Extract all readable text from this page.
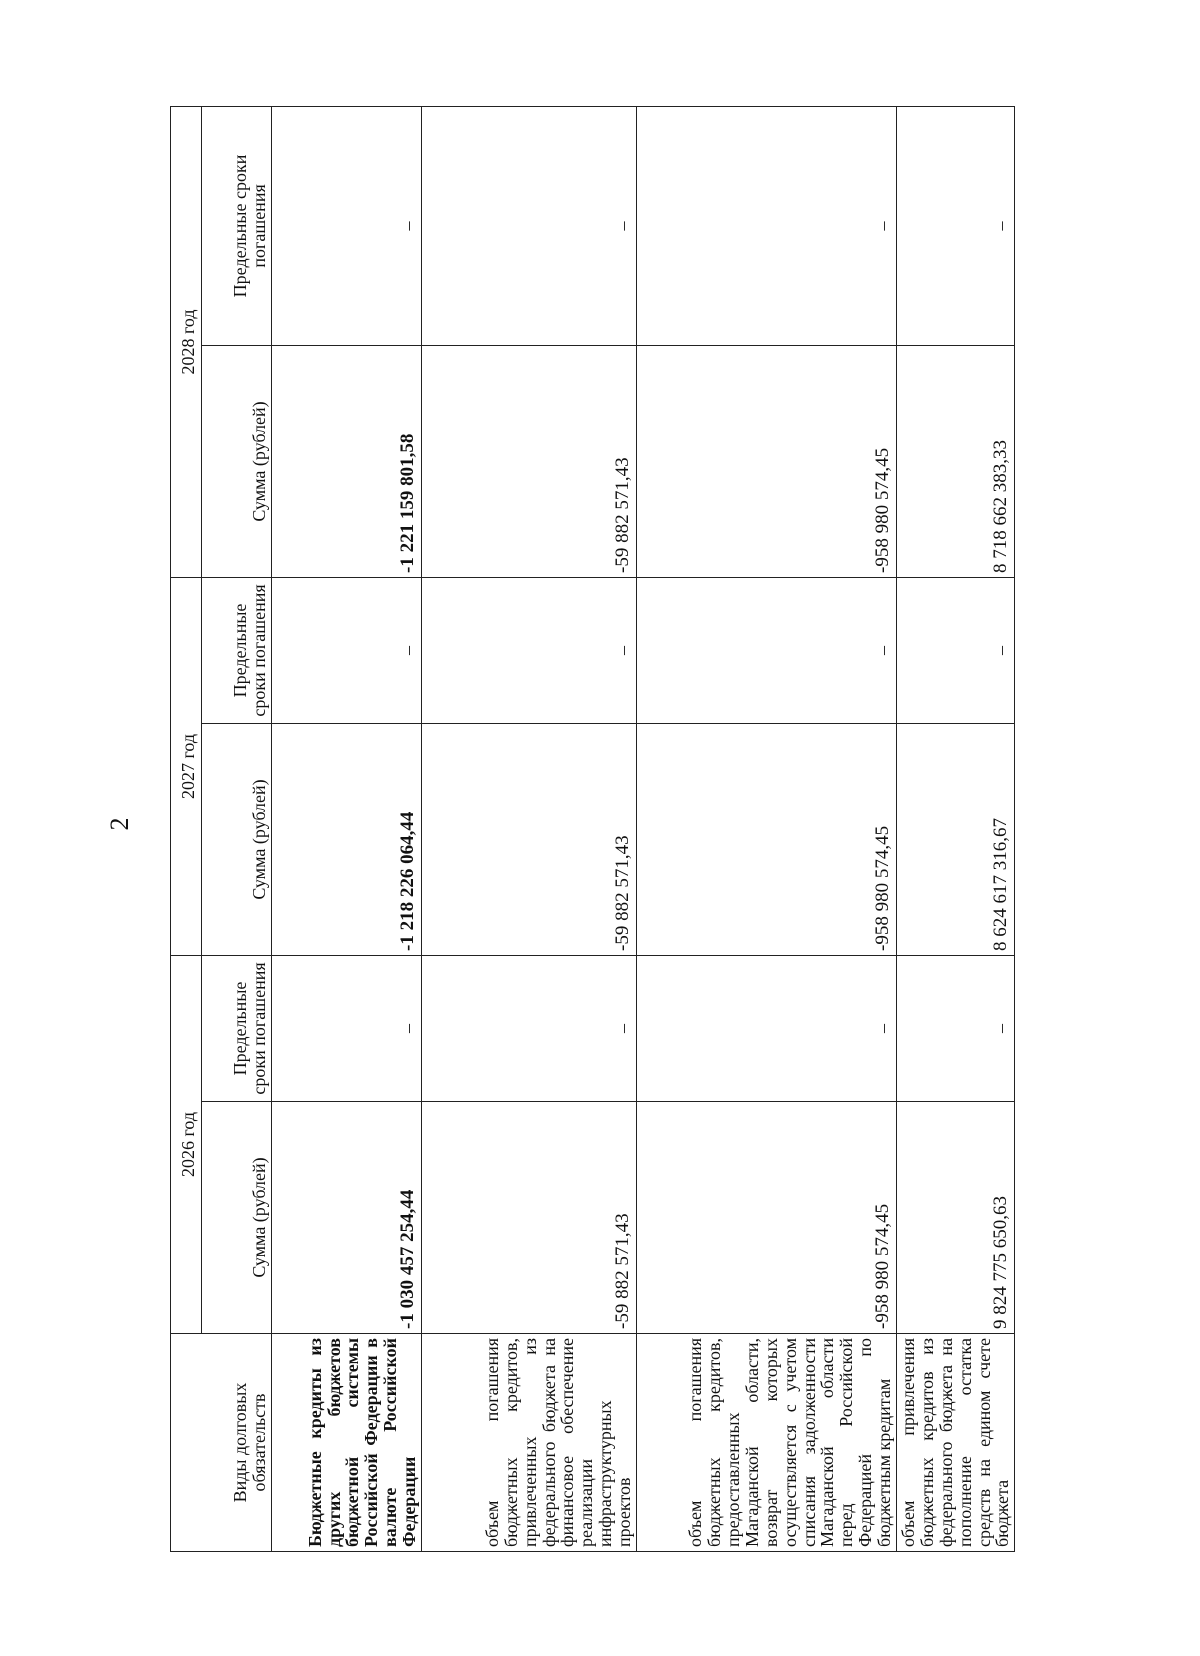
2
Виды долговых обязательств	2026 год		2027 год		2028 год	
	Сумма (рублей)	Предельные сроки погашения	Сумма (рублей)	Предельные сроки погашения	Сумма (рублей)	Предельные сроки погашения
Бюджетные кредиты из других бюджетов бюджетной системы Российской Федерации в валюте Российской Федерации	-1 030 457 254,44	–	-1 218 226 064,44	–	-1 221 159 801,58	–
объем погашения бюджетных кредитов, привлеченных из федерального бюджета на финансовое обеспечение реализации инфраструктурных проектов	-59 882 571,43	–	-59 882 571,43	–	-59 882 571,43	–
объем погашения бюджетных кредитов, предоставленных Магаданской области, возврат которых осуществляется с учетом списания задолженности Магаданской области перед Российской Федерацией по бюджетным кредитам	-958 980 574,45	–	-958 980 574,45	–	-958 980 574,45	–
объем привлечения бюджетных кредитов из федерального бюджета на пополнение остатка средств на едином счете бюджета	9 824 775 650,63	–	8 624 617 316,67	–	8 718 662 383,33	–
